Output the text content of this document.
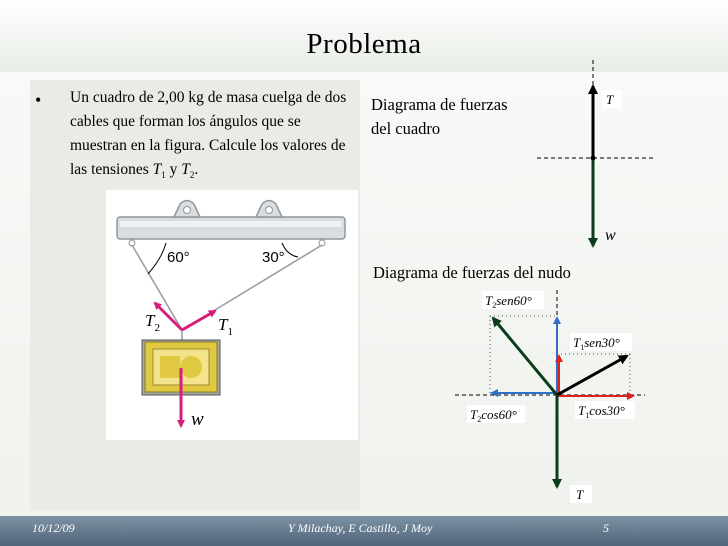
Problema
• Un cuadro de 2,00 kg de masa cuelga de dos cables que forman los ángulos que se muestran en la figura. Calcule los valores de las tensiones $T_1$ y $T_2$.
Diagrama de fuerzas
del cuadro
Diagrama de fuerzas del nudo
60°	30°
$T_2$	$T_1$
w
T
w
$T_2sen60^\circ$
$T_1sen30^\circ$
$T_2\cos 60^\circ$	$T_1\cos 30^\circ$
T
10/12/09	Y Milachay, E Castillo, J Moy	5
